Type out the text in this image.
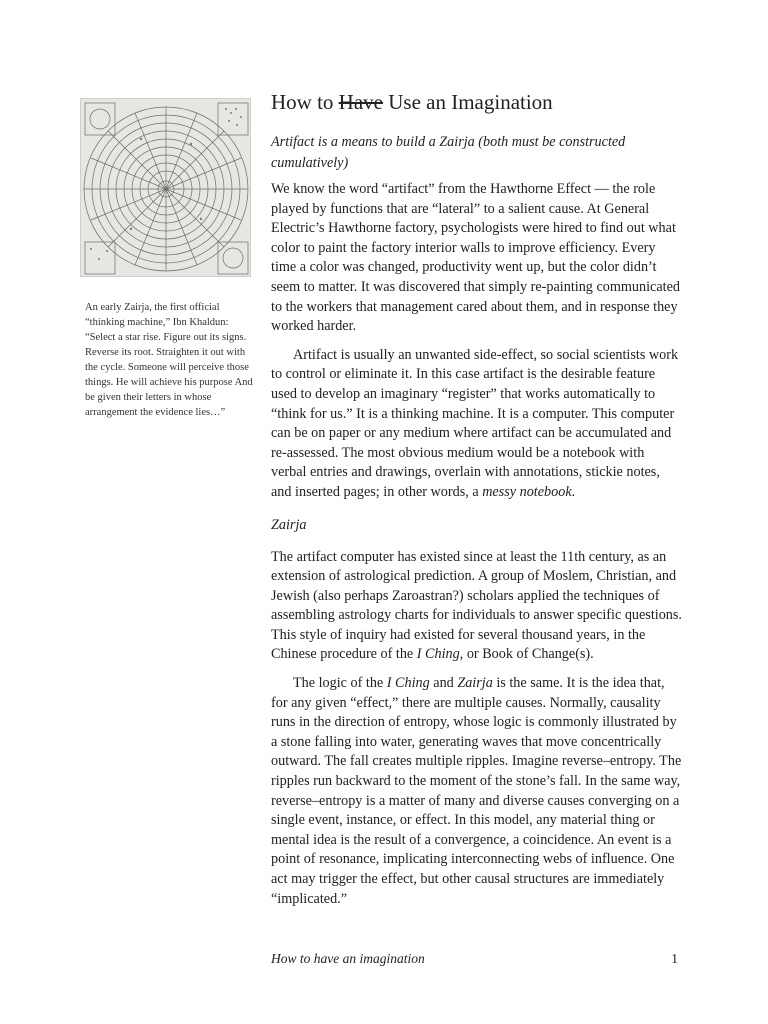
An early Zairja, the first official “thinking machine,” Ibn Khaldun: “Select a star rise. Figure out its signs. Reverse its root. Straighten it out with the cycle. Someone will perceive those things. He will achieve his purpose And be given their letters in whose arrangement the evidence lies…”
How to Have Use an Imagination
Artifact is a means to build a Zairja (both must be constructed cumulatively)

We know the word “artifact” from the Hawthorne Effect — the role played by functions that are “lateral” to a salient cause. At General Electric’s Hawthorne factory, psychologists were hired to find out what color to paint the factory interior walls to improve efficiency. Every time a color was changed, productivity went up, but the color didn’t seem to matter. It was discovered that simply re-painting communicated to the workers that management cared about them, and in response they worked harder.

Artifact is usually an unwanted side-effect, so social scientists work to control or eliminate it. In this case artifact is the desirable feature used to develop an imaginary “register” that works automatically to “think for us.” It is a thinking machine. It is a computer. This computer can be on paper or any medium where artifact can be accumulated and re-assessed. The most obvious medium would be a notebook with verbal entries and drawings, overlain with annotations, stickie notes, and inserted pages; in other words, a messy notebook.

Zairja

The artifact computer has existed since at least the 11th century, as an extension of astrological prediction. A group of Moslem, Christian, and Jewish (also perhaps Zaroastran?) scholars applied the techniques of assembling astrology charts for individuals to answer specific questions. This style of inquiry had existed for several thousand years, in the Chinese procedure of the I Ching, or Book of Change(s).

The logic of the I Ching and Zairja is the same. It is the idea that, for any given “effect,” there are multiple causes. Normally, causality runs in the direction of entropy, whose logic is commonly illustrated by a stone falling into water, generating waves that move concentrically outward. The fall creates multiple ripples. Imagine reverse–entropy. The ripples run backward to the moment of the stone’s fall. In the same way, reverse–entropy is a matter of many and diverse causes converging on a single event, instance, or effect. In this model, any material thing or mental idea is the result of a convergence, a coincidence. An event is a point of resonance, implicating interconnecting webs of influence. One act may trigger the effect, but other causal structures are immediately “implicated.”

How to have an imagination	1
